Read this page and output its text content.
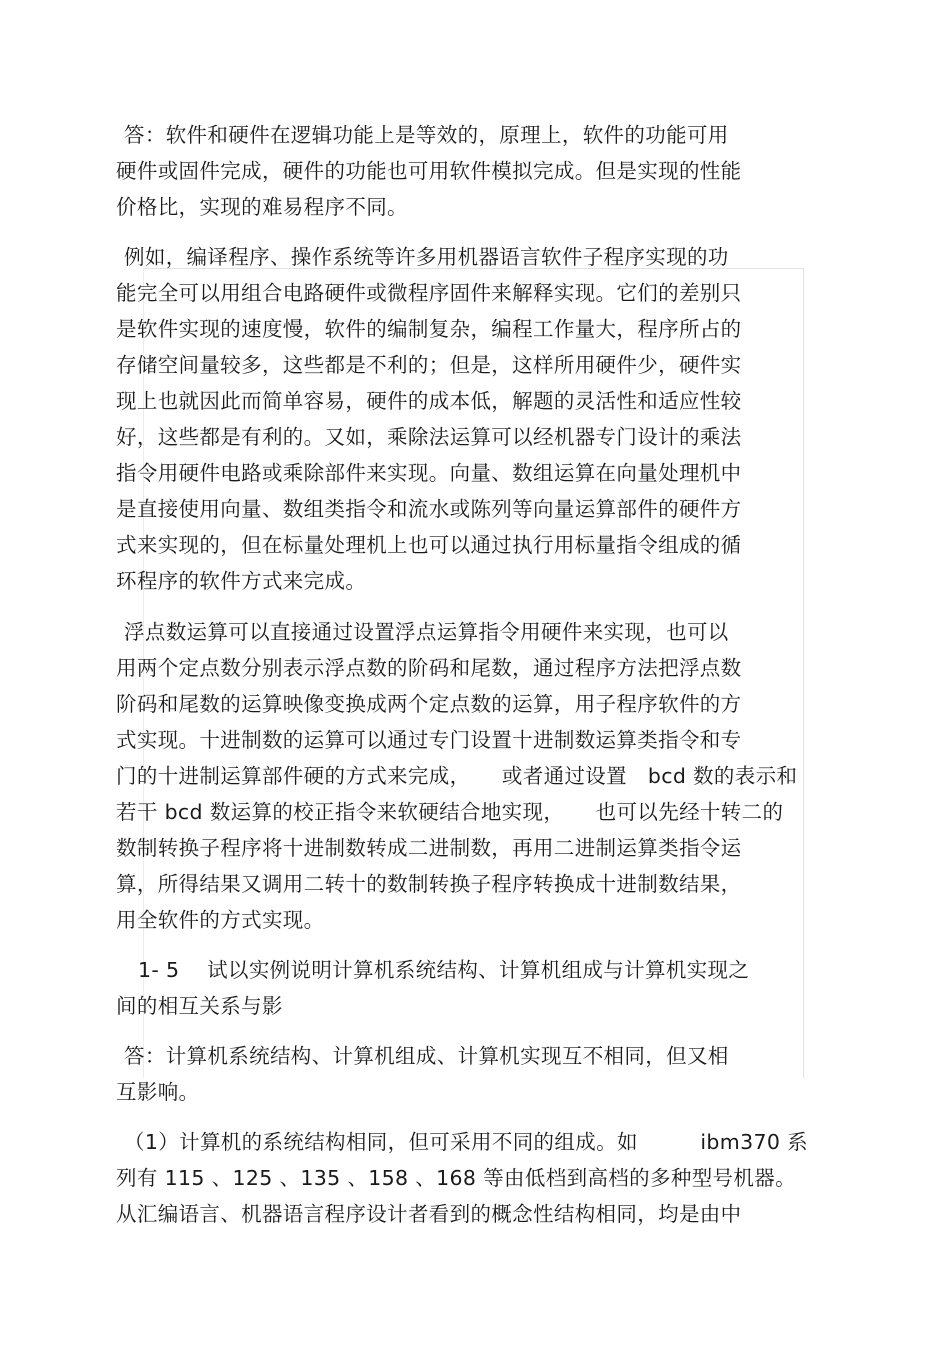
答：软件和硬件在逻辑功能上是等效的，原理上，软件的功能可用
硬件或固件完成，硬件的功能也可用软件模拟完成。但是实现的性能
价格比，实现的难易程序不同。
例如，编译程序、操作系统等许多用机器语言软件子程序实现的功
能完全可以用组合电路硬件或微程序固件来解释实现。它们的差别只
是软件实现的速度慢，软件的编制复杂，编程工作量大，程序所占的
存储空间量较多，这些都是不利的；但是，这样所用硬件少，硬件实
现上也就因此而简单容易，硬件的成本低，解题的灵活性和适应性较
好，这些都是有利的。又如，乘除法运算可以经机器专门设计的乘法
指令用硬件电路或乘除部件来实现。向量、数组运算在向量处理机中
是直接使用向量、数组类指令和流水或陈列等向量运算部件的硬件方
式来实现的，但在标量处理机上也可以通过执行用标量指令组成的循
环程序的软件方式来完成。
浮点数运算可以直接通过设置浮点运算指令用硬件来实现，也可以
用两个定点数分别表示浮点数的阶码和尾数，通过程序方法把浮点数
阶码和尾数的运算映像变换成两个定点数的运算，用子程序软件的方
式实现。十进制数的运算可以通过专门设置十进制数运算类指令和专
门的十进制运算部件硬的方式来完成，　　或者通过设置　bcd 数的表示和
若干 bcd 数运算的校正指令来软硬结合地实现，　　也可以先经十转二的
数制转换子程序将十进制数转成二进制数，再用二进制运算类指令运
算，所得结果又调用二转十的数制转换子程序转换成十进制数结果，
用全软件的方式实现。
1- 5　 试以实例说明计算机系统结构、计算机组成与计算机实现之
间的相互关系与影
答：计算机系统结构、计算机组成、计算机实现互不相同，但又相
互影响。
（1）计算机的系统结构相同，但可采用不同的组成。如　　　ibm370 系
列有 115 、125 、135 、158 、168 等由低档到高档的多种型号机器。
从汇编语言、机器语言程序设计者看到的概念性结构相同，均是由中
